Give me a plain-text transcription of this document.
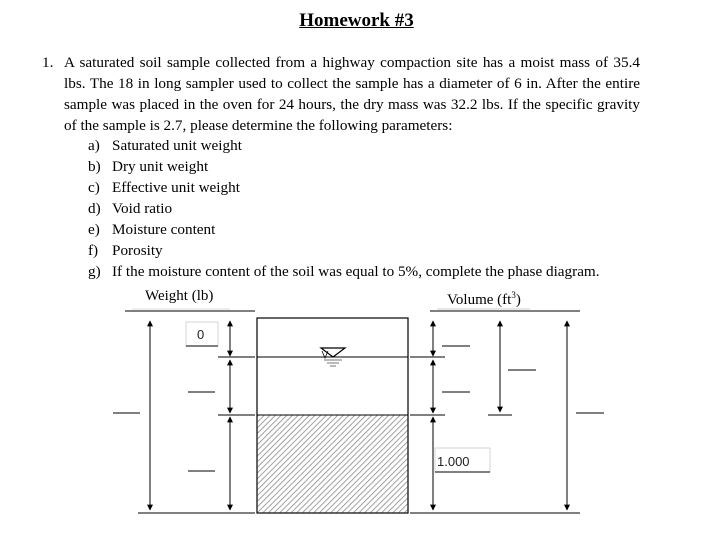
Homework #3
1. A saturated soil sample collected from a highway compaction site has a moist mass of 35.4 lbs. The 18 in long sampler used to collect the sample has a diameter of 6 in. After the entire sample was placed in the oven for 24 hours, the dry mass was 32.2 lbs. If the specific gravity of the sample is 2.7, please determine the following parameters:
a) Saturated unit weight
b) Dry unit weight
c) Effective unit weight
d) Void ratio
e) Moisture content
f) Porosity
g) If the moisture content of the soil was equal to 5%, complete the phase diagram.
Weight (lb)	Volume $(ft^3)$
0
1.000
